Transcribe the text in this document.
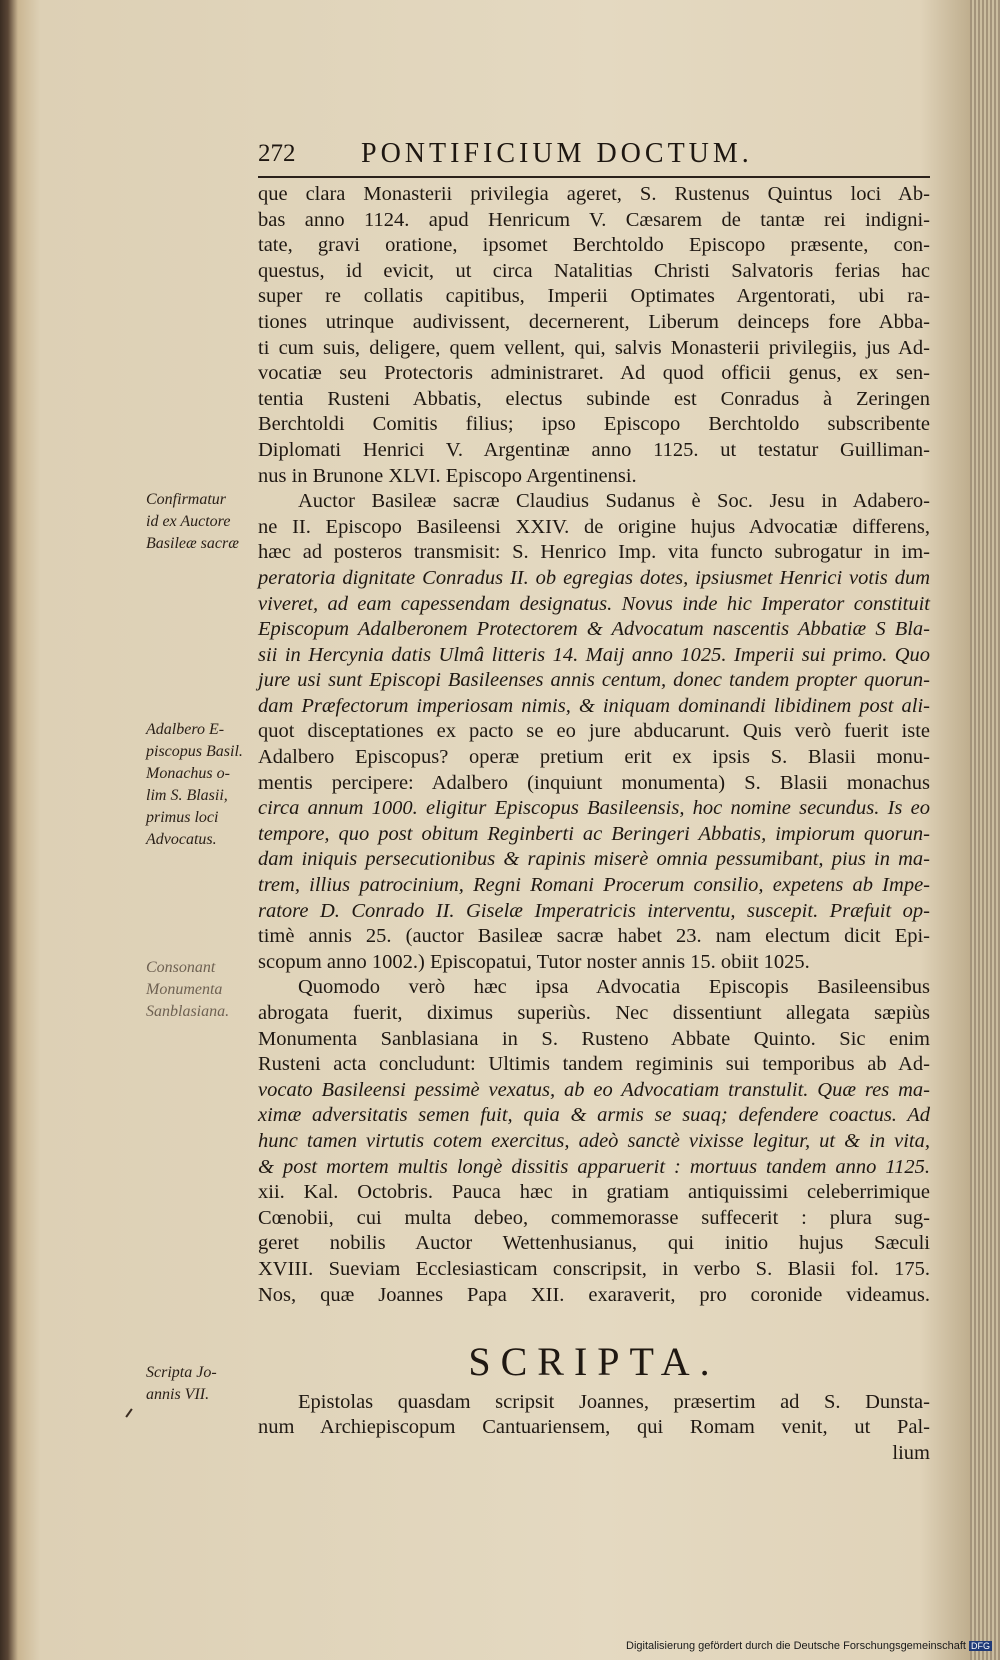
272 PONTIFICIUM DOCTUM.
que clara Monasterii privilegia ageret, S. Rustenus Quintus loci Ab-
bas anno 1124. apud Henricum V. Cæsarem de tantæ rei indigni-
tate, gravi oratione, ipsomet Berchtoldo Episcopo præsente, con-
questus, id evicit, ut circa Natalitias Christi Salvatoris ferias hac
super re collatis capitibus, Imperii Optimates Argentorati, ubi ra-
tiones utrinque audivissent, decernerent, Liberum deinceps fore Abba-
ti cum suis, deligere, quem vellent, qui, salvis Monasterii privilegiis, jus Ad-
vocatiæ seu Protectoris administraret. Ad quod officii genus, ex sen-
tentia Rusteni Abbatis, electus subinde est Conradus à Zeringen
Berchtoldi Comitis filius; ipso Episcopo Berchtoldo subscribente
Diplomati Henrici V. Argentinæ anno 1125. ut testatur Guilliman-
nus in Brunone XLVI. Episcopo Argentinensi.
Auctor Basileæ sacræ Claudius Sudanus è Soc. Jesu in Adabero-
ne II. Episcopo Basileensi XXIV. de origine hujus Advocatiæ differens,
hæc ad posteros transmisit: S. Henrico Imp. vita functo subrogatur in im-
peratoria dignitate Conradus II. ob egregias dotes, ipsiusmet Henrici votis dum
viveret, ad eam capessendam designatus. Novus inde hic Imperator constituit
Episcopum Adalberonem Protectorem & Advocatum nascentis Abbatiæ S Bla-
sii in Hercynia datis Ulmâ litteris 14. Maij anno 1025. Imperii sui primo. Quo
jure usi sunt Episcopi Basileenses annis centum, donec tandem propter quorun-
dam Præfectorum imperiosam nimis, & iniquam dominandi libidinem post ali-
quot disceptationes ex pacto se eo jure abducarunt. Quis verò fuerit iste
Adalbero Episcopus? operæ pretium erit ex ipsis S. Blasii monu-
mentis percipere: Adalbero (inquiunt monumenta) S. Blasii monachus
circa annum 1000. eligitur Episcopus Basileensis, hoc nomine secundus. Is eo
tempore, quo post obitum Reginberti ac Beringeri Abbatis, impiorum quorun-
dam iniquis persecutionibus & rapinis miserè omnia pessumibant, pius in ma-
trem, illius patrocinium, Regni Romani Procerum consilio, expetens ab Impe-
ratore D. Conrado II. Giselæ Imperatricis interventu, suscepit. Præfuit op-
timè annis 25. (auctor Basileæ sacræ habet 23. nam electum dicit Epi-
scopum anno 1002.) Episcopatui, Tutor noster annis 15. obiit 1025.
Quomodo verò hæc ipsa Advocatia Episcopis Basileensibus
abrogata fuerit, diximus superiùs. Nec dissentiunt allegata sæpiùs
Monumenta Sanblasiana in S. Rusteno Abbate Quinto. Sic enim
Rusteni acta concludunt: Ultimis tandem regiminis sui temporibus ab Ad-
vocato Basileensi pessimè vexatus, ab eo Advocatiam transtulit. Quæ res ma-
ximæ adversitatis semen fuit, quia & armis se suaq; defendere coactus. Ad
hunc tamen virtutis cotem exercitus, adeò sanctè vixisse legitur, ut & in vita,
& post mortem multis longè dissitis apparuerit : mortuus tandem anno 1125.
xii. Kal. Octobris. Pauca hæc in gratiam antiquissimi celeberrimique
Cœnobii, cui multa debeo, commemorasse suffecerit : plura sug-
geret nobilis Auctor Wettenhusianus, qui initio hujus Sæculi
XVIII. Sueviam Ecclesiasticam conscripsit, in verbo S. Blasii fol. 175.
Nos, quæ Joannes Papa XII. exaraverit, pro coronide videamus.
SCRIPTA.
Epistolas quasdam scripsit Joannes, præsertim ad S. Dunsta-
num Archiepiscopum Cantuariensem, qui Romam venit, ut Pal-
lium
Confirmatur
id ex Auctore
Basileæ sacræ
Adalbero E-
piscopus Basil.
Monachus o-
lim S. Blasii,
primus loci
Advocatus.
Consonant
Monumenta
Sanblasiana.
Scripta Jo-
annis VII.
Digitalisierung gefördert durch die Deutsche Forschungsgemeinschaft DFG
